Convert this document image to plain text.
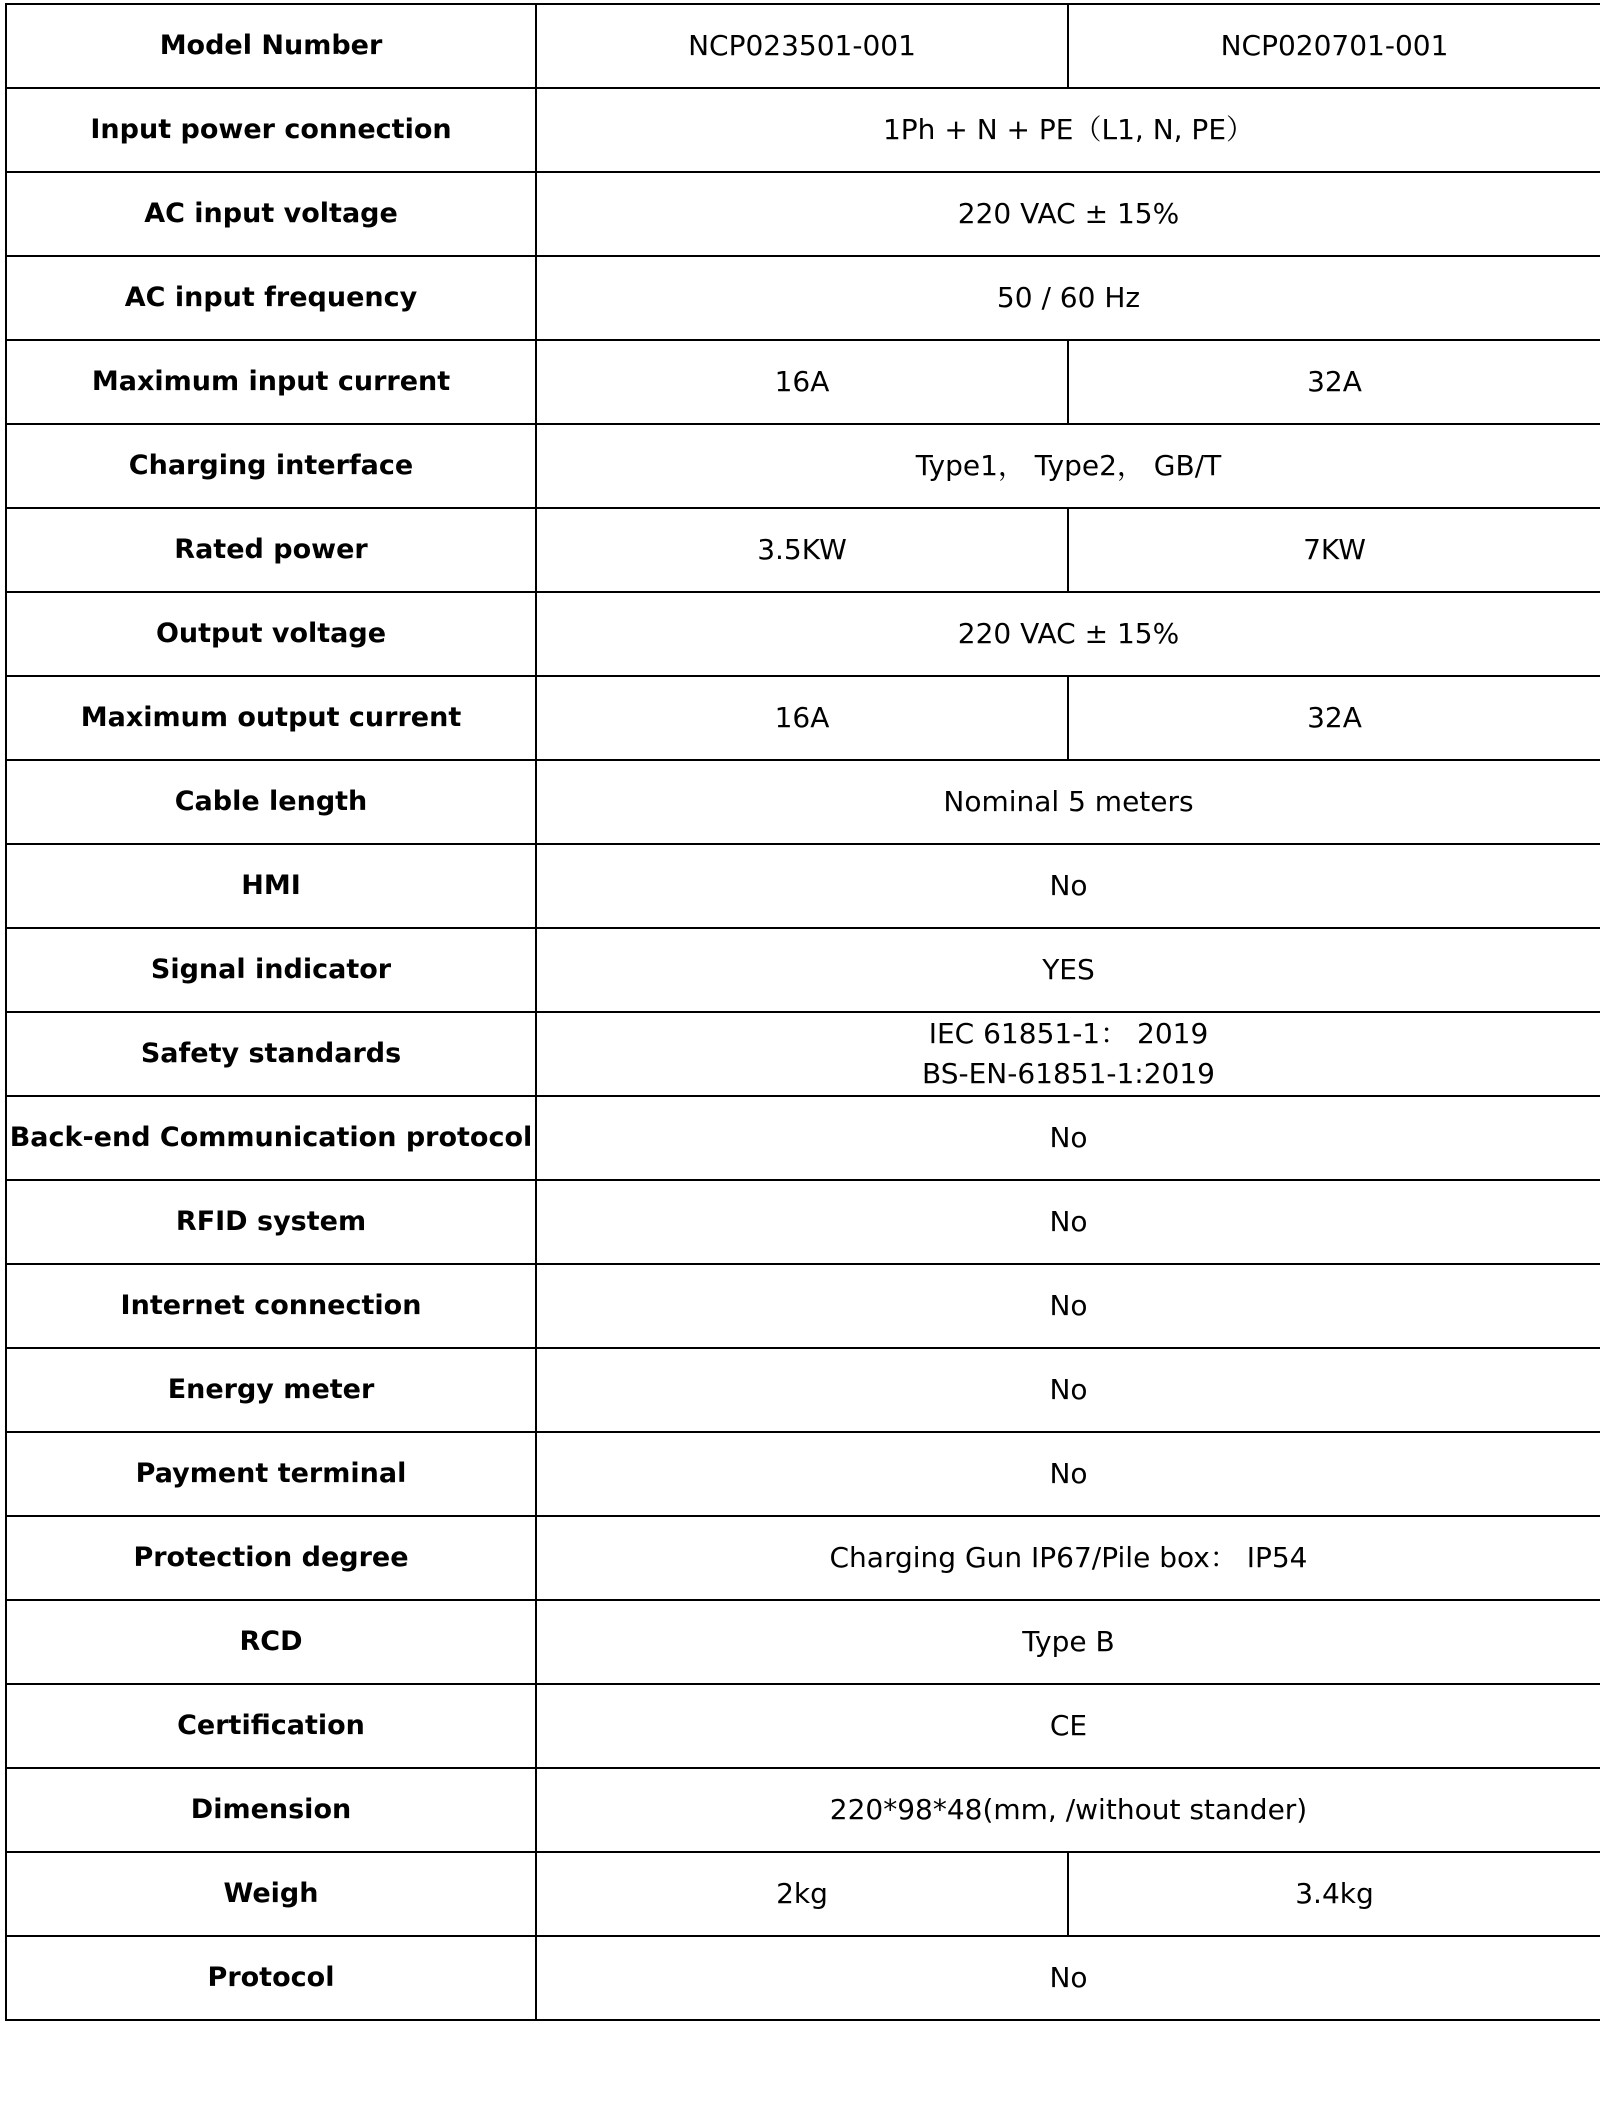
Model Number	NCP023501-001	NCP020701-001
Input power connection	1Ph + N + PE（L1, N, PE）	
AC input voltage	220 VAC ± 15%	
AC input frequency	50 / 60 Hz	
Maximum input current	16A	32A
Charging interface	Type1， Type2， GB/T	
Rated power	3.5KW	7KW
Output voltage	220 VAC ± 15%	
Maximum output current	16A	32A
Cable length	Nominal 5 meters	
HMI	No	
Signal indicator	YES	
Safety standards	IEC 61851-1： 2019
BS-EN-61851-1:2019	
Back-end Communication protocol	No	
RFID system	No	
Internet connection	No	
Energy meter	No	
Payment terminal	No	
Protection degree	Charging Gun IP67/Pile box： IP54	
RCD	Type B	
Certification	CE	
Dimension	220*98*48(mm, /without stander)	
Weigh	2kg	3.4kg
Protocol	No	
